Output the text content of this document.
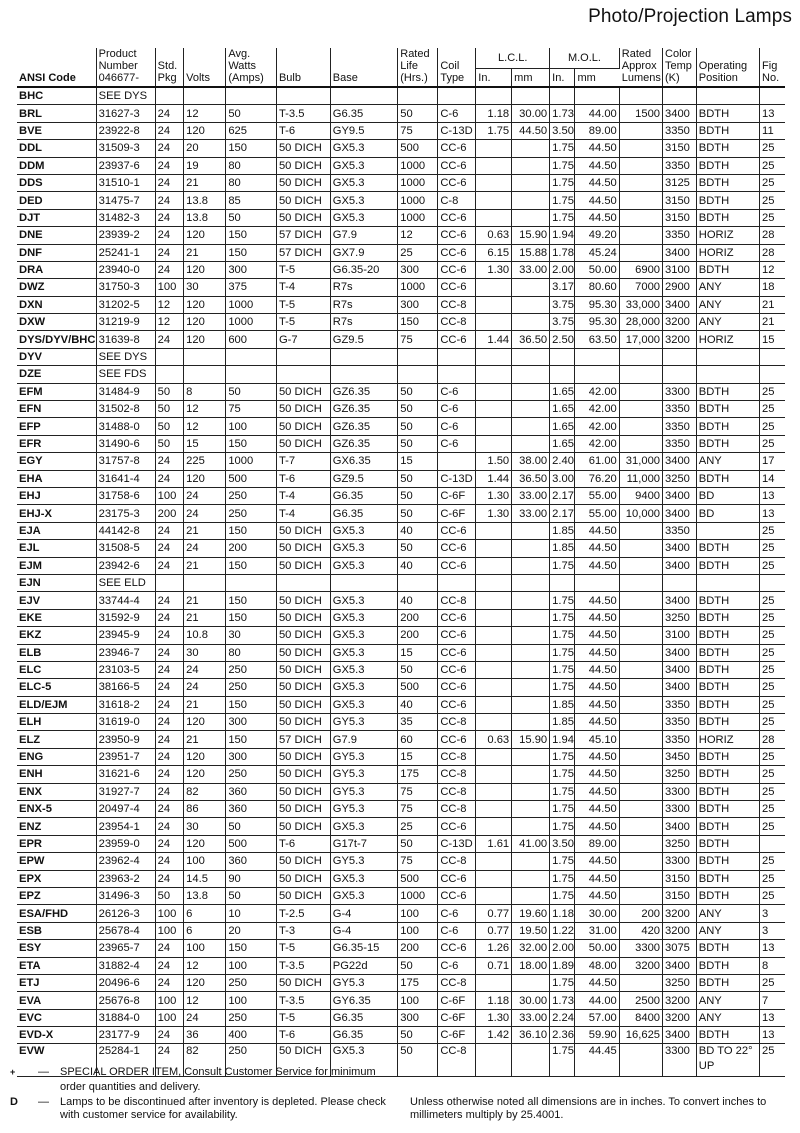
Photo/Projection Lamps
	ANSI Code	Product Number 046677-	Std. Pkg	Volts	Avg. Watts (Amps)	Bulb	Base	Rated Life (Hrs.)	Coil Type	L.C.L.		M.O.L.		Rated Approx Lumens	Color Temp (K)	Operating Position	Fig No.
									In.	mm	In.	mm				
	BHC	SEE DYS															
	BRL	31627-3	24	12	50	T-3.5	G6.35	50	C-6	1.18	30.00	1.73	44.00	1500	3400	BDTH	13
	BVE	23922-8	24	120	625	T-6	GY9.5	75	C-13D	1.75	44.50	3.50	89.00		3350	BDTH	11
	DDL	31509-3	24	20	150	50 DICH	GX5.3	500	CC-6			1.75	44.50		3150	BDTH	25
	DDM	23937-6	24	19	80	50 DICH	GX5.3	1000	CC-6			1.75	44.50		3350	BDTH	25
	DDS	31510-1	24	21	80	50 DICH	GX5.3	1000	CC-6			1.75	44.50		3125	BDTH	25
	DED	31475-7	24	13.8	85	50 DICH	GX5.3	1000	C-8			1.75	44.50		3150	BDTH	25
	DJT	31482-3	24	13.8	50	50 DICH	GX5.3	1000	CC-6			1.75	44.50		3150	BDTH	25
	DNE	23939-2	24	120	150	57 DICH	G7.9	12	CC-6	0.63	15.90	1.94	49.20		3350	HORIZ	28
	DNF	25241-1	24	21	150	57 DICH	GX7.9	25	CC-6	6.15	15.88	1.78	45.24		3400	HORIZ	28
	DRA	23940-0	24	120	300	T-5	G6.35-20	300	CC-6	1.30	33.00	2.00	50.00	6900	3100	BDTH	12
	DWZ	31750-3	100	30	375	T-4	R7s	1000	CC-6			3.17	80.60	7000	2900	ANY	18
	DXN	31202-5	12	120	1000	T-5	R7s	300	CC-8			3.75	95.30	33,000	3400	ANY	21
	DXW	31219-9	12	120	1000	T-5	R7s	150	CC-8			3.75	95.30	28,000	3200	ANY	21
	DYS/DYV/BHC	31639-8	24	120	600	G-7	GZ9.5	75	CC-6	1.44	36.50	2.50	63.50	17,000	3200	HORIZ	15
	DYV	SEE DYS															
	DZE	SEE FDS															
	EFM	31484-9	50	8	50	50 DICH	GZ6.35	50	C-6			1.65	42.00		3300	BDTH	25
	EFN	31502-8	50	12	75	50 DICH	GZ6.35	50	C-6			1.65	42.00		3350	BDTH	25
	EFP	31488-0	50	12	100	50 DICH	GZ6.35	50	C-6			1.65	42.00		3350	BDTH	25
	EFR	31490-6	50	15	150	50 DICH	GZ6.35	50	C-6			1.65	42.00		3350	BDTH	25
	EGY	31757-8	24	225	1000	T-7	GX6.35	15		1.50	38.00	2.40	61.00	31,000	3400	ANY	17
	EHA	31641-4	24	120	500	T-6	GZ9.5	50	C-13D	1.44	36.50	3.00	76.20	11,000	3250	BDTH	14
	EHJ	31758-6	100	24	250	T-4	G6.35	50	C-6F	1.30	33.00	2.17	55.00	9400	3400	BD	13
	EHJ-X	23175-3	200	24	250	T-4	G6.35	50	C-6F	1.30	33.00	2.17	55.00	10,000	3400	BD	13
	EJA	44142-8	24	21	150	50 DICH	GX5.3	40	CC-6			1.85	44.50		3350		25
	EJL	31508-5	24	24	200	50 DICH	GX5.3	50	CC-6			1.85	44.50		3400	BDTH	25
	EJM	23942-6	24	21	150	50 DICH	GX5.3	40	CC-6			1.75	44.50		3400	BDTH	25
	EJN	SEE ELD															
	EJV	33744-4	24	21	150	50 DICH	GX5.3	40	CC-8			1.75	44.50		3400	BDTH	25
	EKE	31592-9	24	21	150	50 DICH	GX5.3	200	CC-6			1.75	44.50		3250	BDTH	25
	EKZ	23945-9	24	10.8	30	50 DICH	GX5.3	200	CC-6			1.75	44.50		3100	BDTH	25
	ELB	23946-7	24	30	80	50 DICH	GX5.3	15	CC-6			1.75	44.50		3400	BDTH	25
	ELC	23103-5	24	24	250	50 DICH	GX5.3	50	CC-6			1.75	44.50		3400	BDTH	25
	ELC-5	38166-5	24	24	250	50 DICH	GX5.3	500	CC-6			1.75	44.50		3400	BDTH	25
	ELD/EJM	31618-2	24	21	150	50 DICH	GX5.3	40	CC-6			1.85	44.50		3350	BDTH	25
	ELH	31619-0	24	120	300	50 DICH	GY5.3	35	CC-8			1.85	44.50		3350	BDTH	25
	ELZ	23950-9	24	21	150	57 DICH	G7.9	60	CC-6	0.63	15.90	1.94	45.10		3350	HORIZ	28
	ENG	23951-7	24	120	300	50 DICH	GY5.3	15	CC-8			1.75	44.50		3450	BDTH	25
	ENH	31621-6	24	120	250	50 DICH	GY5.3	175	CC-8			1.75	44.50		3250	BDTH	25
	ENX	31927-7	24	82	360	50 DICH	GY5.3	75	CC-8			1.75	44.50		3300	BDTH	25
	ENX-5	20497-4	24	86	360	50 DICH	GY5.3	75	CC-8			1.75	44.50		3300	BDTH	25
	ENZ	23954-1	24	30	50	50 DICH	GX5.3	25	CC-6			1.75	44.50		3400	BDTH	25
	EPR	23959-0	24	120	500	T-6	G17t-7	50	C-13D	1.61	41.00	3.50	89.00		3250	BDTH	
	EPW	23962-4	24	100	360	50 DICH	GY5.3	75	CC-8			1.75	44.50		3300	BDTH	25
	EPX	23963-2	24	14.5	90	50 DICH	GX5.3	500	CC-6			1.75	44.50		3150	BDTH	25
	EPZ	31496-3	50	13.8	50	50 DICH	GX5.3	1000	CC-6			1.75	44.50		3150	BDTH	25
	ESA/FHD	26126-3	100	6	10	T-2.5	G-4	100	C-6	0.77	19.60	1.18	30.00	200	3200	ANY	3
	ESB	25678-4	100	6	20	T-3	G-4	100	C-6	0.77	19.50	1.22	31.00	420	3200	ANY	3
	ESY	23965-7	24	100	150	T-5	G6.35-15	200	CC-6	1.26	32.00	2.00	50.00	3300	3075	BDTH	13
	ETA	31882-4	24	12	100	T-3.5	PG22d	50	C-6	0.71	18.00	1.89	48.00	3200	3400	BDTH	8
	ETJ	20496-6	24	120	250	50 DICH	GY5.3	175	CC-8			1.75	44.50		3250	BDTH	25
	EVA	25676-8	100	12	100	T-3.5	GY6.35	100	C-6F	1.18	30.00	1.73	44.00	2500	3200	ANY	7
	EVC	31884-0	100	24	250	T-5	G6.35	300	C-6F	1.30	33.00	2.24	57.00	8400	3200	ANY	13
	EVD-X	23177-9	24	36	400	T-6	G6.35	50	C-6F	1.42	36.10	2.36	59.90	16,625	3400	BDTH	13
	EVW	25284-1	24	82	250	50 DICH	GX5.3	50	CC-8			1.75	44.45		3300	BD TO 22° UP	25
+	— SPECIAL ORDER ITEM, Consult Customer Service for minimum
order quantities and delivery.
D	— Lamps to be discontinued after inventory is depleted. Please check
with customer service for availability.
Unless otherwise noted all dimensions are in inches. To convert inches to
millimeters multiply by 25.4001.
